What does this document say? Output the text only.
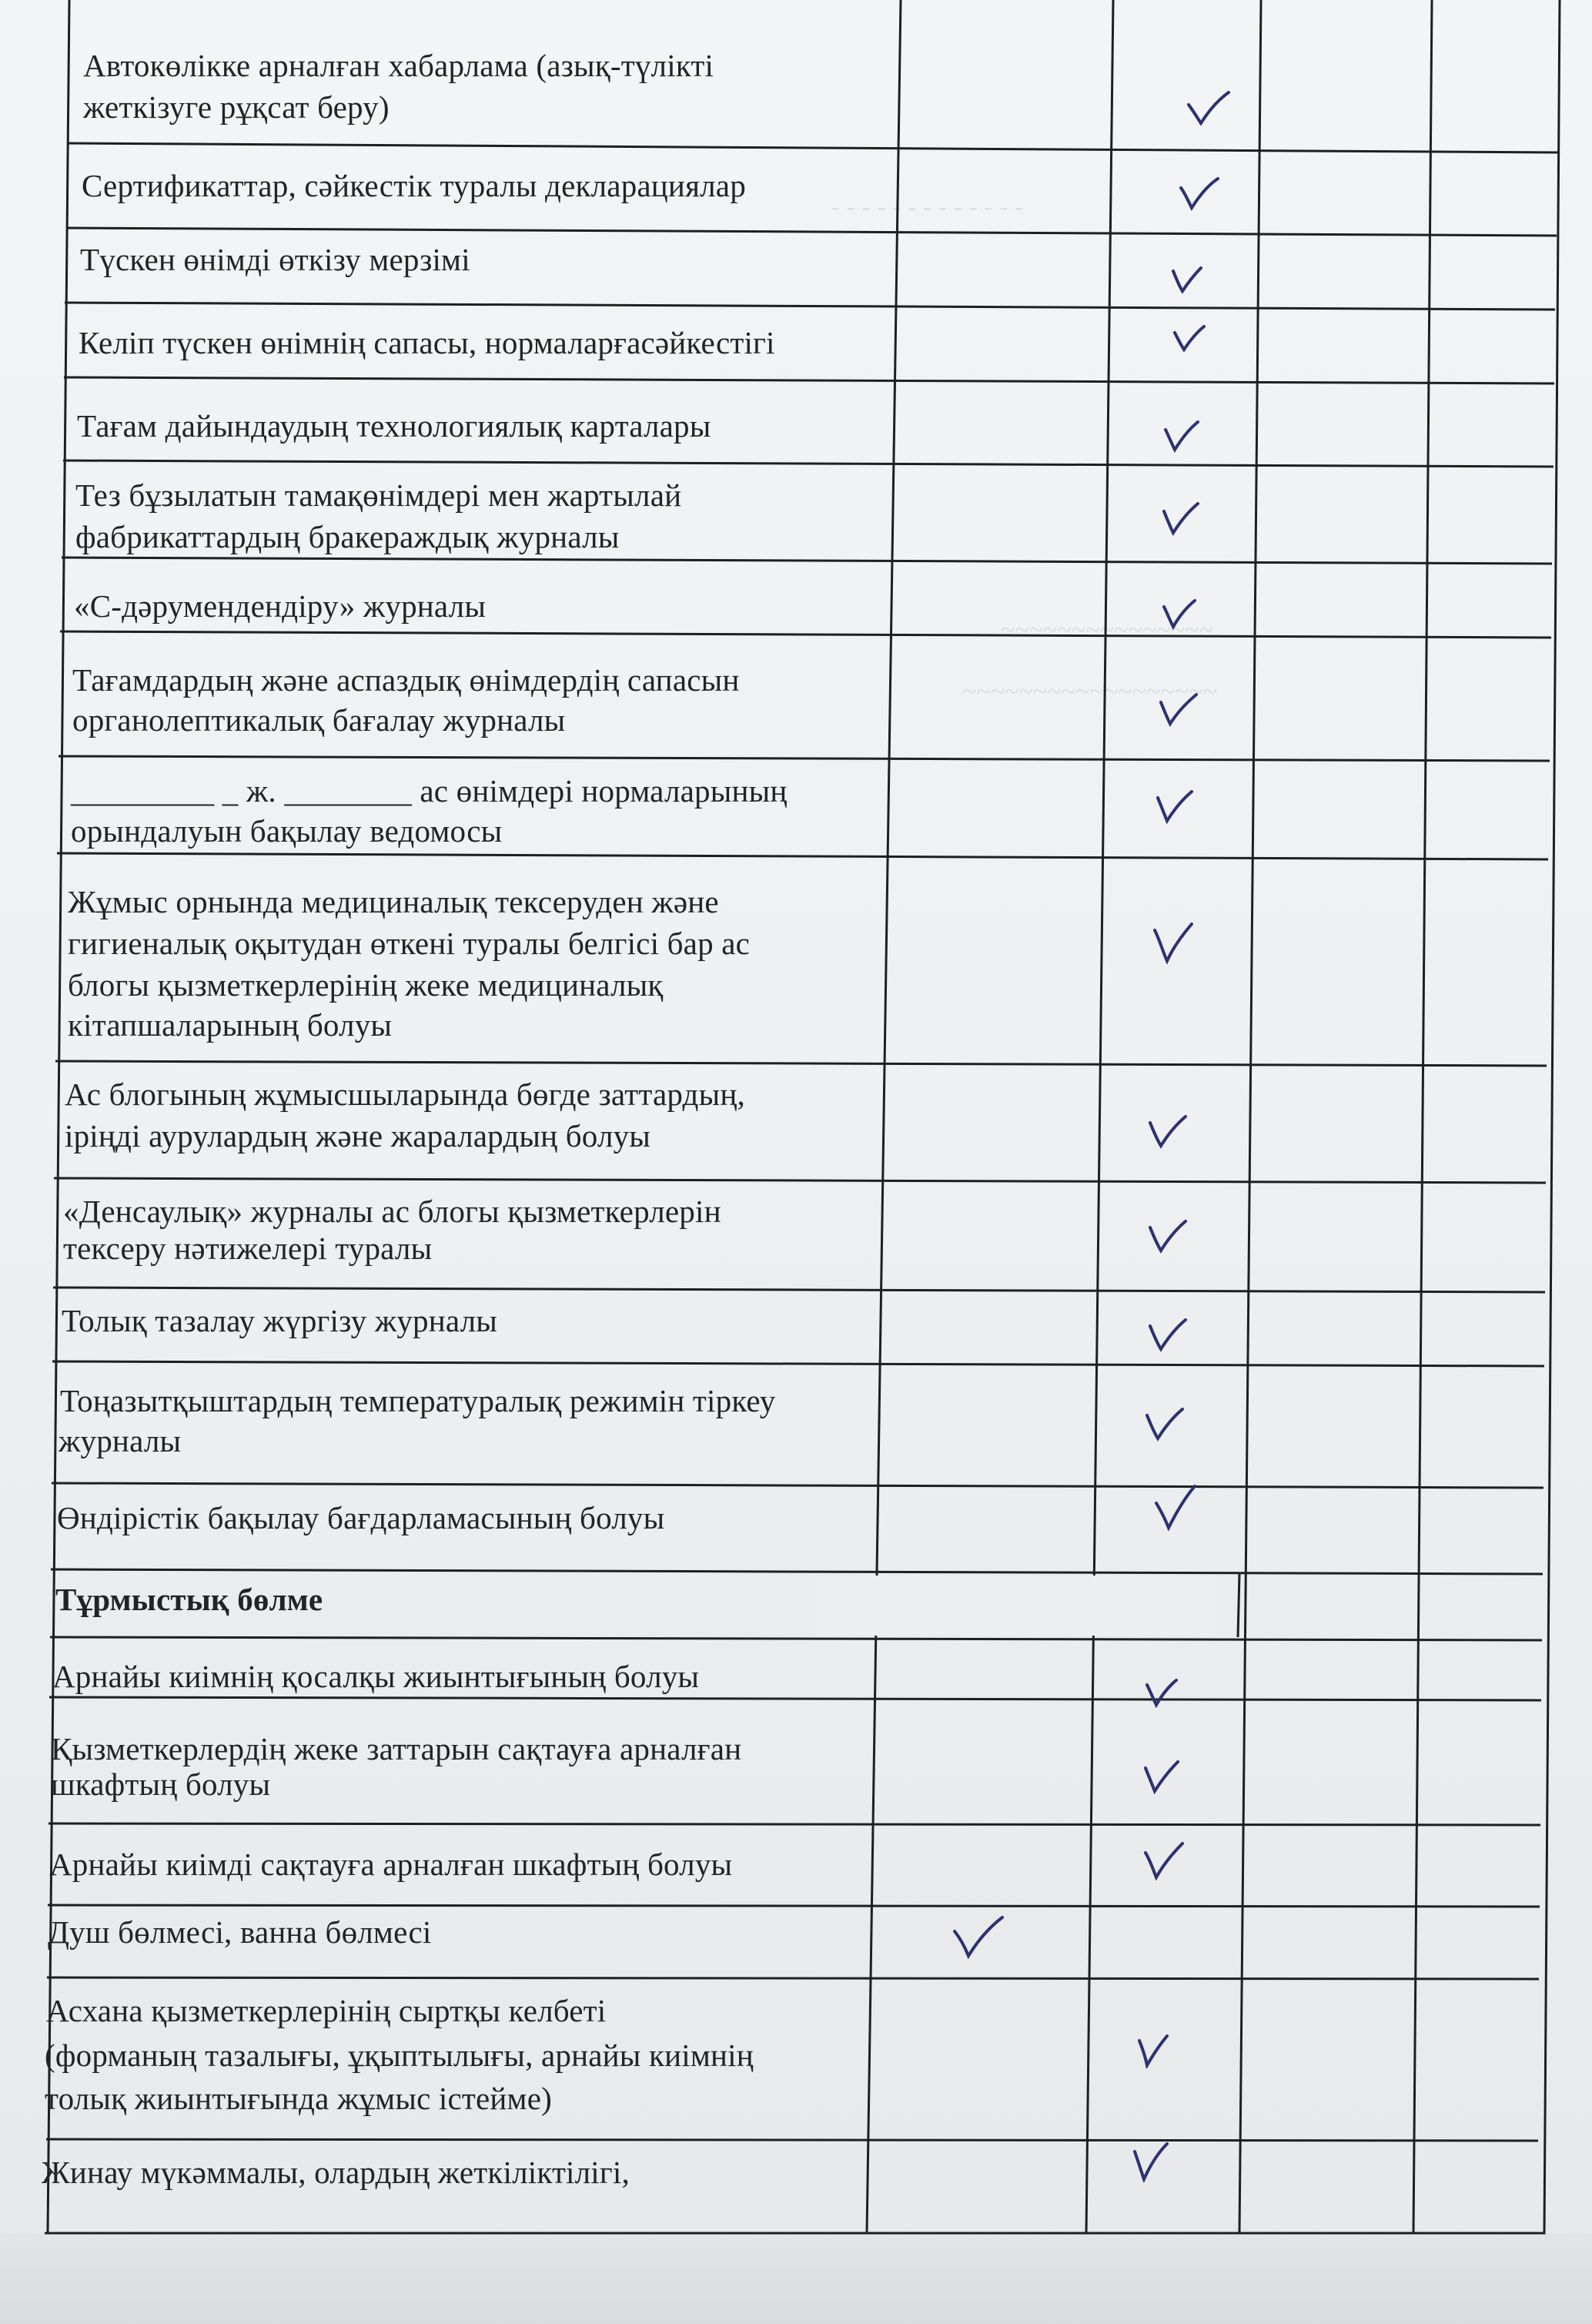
- - - - - - - - - - - - -
~~~~~~~~~~~~~~~
~~~~~~~~~~~~~~~~~~
Автокөлікке арналған хабарлама (азық-түлікті
жеткізуге рұқсат беру)
Сертификаттар, сәйкестік туралы декларациялар
Түскен өнімді өткізу мерзімі
Келіп түскен өнімнің сапасы, нормаларғасәйкестігі
Тағам дайындаудың технологиялық карталары
Тез бұзылатын тамақөнімдері мен жартылай
фабрикаттардың бракераждық журналы
«С-дәрумендендіру» журналы
Тағамдардың және аспаздық өнімдердің сапасын
органолептикалық бағалау журналы
_________ _ ж. ________ ас өнімдері нормаларының
орындалуын бақылау ведомосы
Жұмыс орнында медициналық тексеруден және
гигиеналық оқытудан өткені туралы белгісі бар ас
блогы қызметкерлерінің жеке медициналық
кітапшаларының болуы
Ас блогының жұмысшыларында бөгде заттардың,
іріңді аурулардың және жаралардың болуы
«Денсаулық» журналы ас блогы қызметкерлерін
тексеру нәтижелері туралы
Толық тазалау жүргізу журналы
Тоңазытқыштардың температуралық режимін тіркеу
журналы
Өндірістік бақылау бағдарламасының болуы
Тұрмыстық бөлме
Арнайы киімнің қосалқы жиынтығының болуы
Қызметкерлердің жеке заттарын сақтауға арналған
шкафтың болуы
Арнайы киімді сақтауға арналған шкафтың болуы
Душ бөлмесі, ванна бөлмесі
Асхана қызметкерлерінің сыртқы келбеті
(форманың тазалығы, ұқыптылығы, арнайы киімнің
толық жиынтығында жұмыс істейме)
Жинау мүкәммалы, олардың жеткіліктілігі,
